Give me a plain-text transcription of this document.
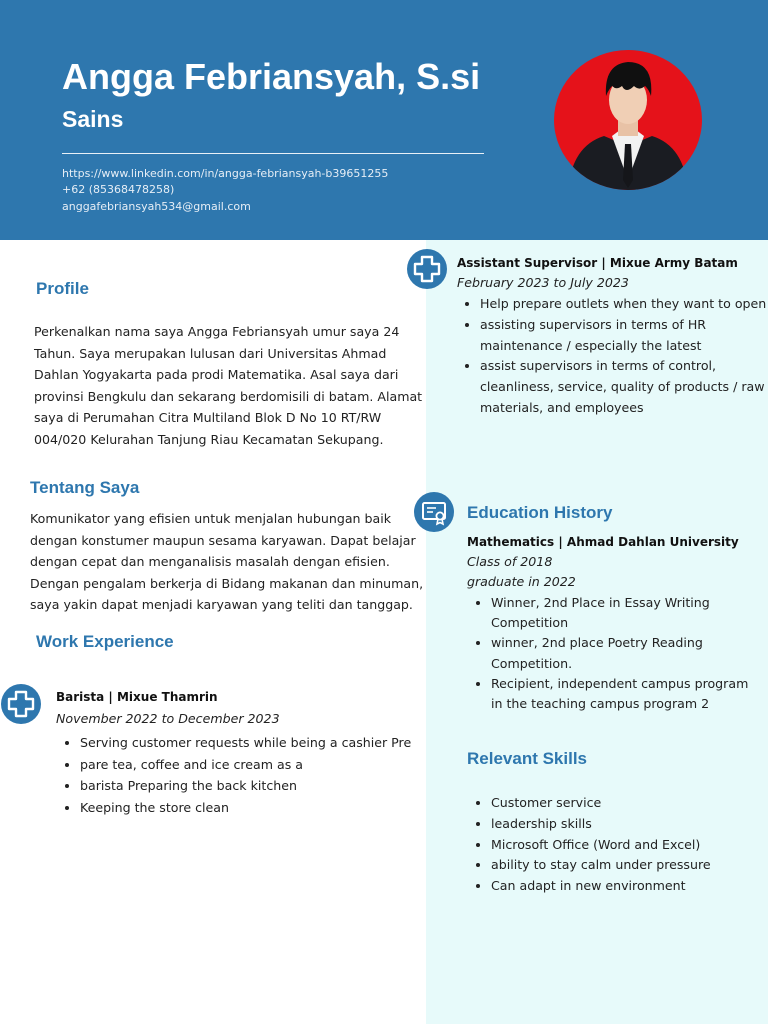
Angga Febriansyah, S.si
Sains
https://www.linkedin.com/in/angga-febriansyah-b39651255
+62 (85368478258)
anggafebriansyah534@gmail.com
Profile
Perkenalkan nama saya Angga Febriansyah umur saya 24
Tahun. Saya merupakan lulusan dari Universitas Ahmad
Dahlan Yogyakarta pada prodi Matematika. Asal saya dari
provinsi Bengkulu dan sekarang berdomisili di batam. Alamat
saya di Perumahan Citra Multiland Blok D No 10 RT/RW
004/020 Kelurahan Tanjung Riau Kecamatan Sekupang.
Tentang Saya
Komunikator yang efisien untuk menjalan hubungan baik
dengan konstumer maupun sesama karyawan. Dapat belajar
dengan cepat dan menganalisis masalah dengan efisien.
Dengan pengalam berkerja di Bidang makanan dan minuman,
saya yakin dapat menjadi karyawan yang teliti dan tanggap.
Work Experience
Barista | Mixue Thamrin
November 2022 to December 2023
• Serving customer requests while being a cashier Pre
• pare tea, coffee and ice cream as a
• barista Preparing the back kitchen
• Keeping the store clean
Assistant Supervisor | Mixue Army Batam
February 2023 to July 2023
• Help prepare outlets when they want to open
• assisting supervisors in terms of HR
maintenance / especially the latest
• assist supervisors in terms of control,
cleanliness, service, quality of products / raw
materials, and employees
Education History
Mathematics | Ahmad Dahlan University
Class of 2018
graduate in 2022
• Winner, 2nd Place in Essay Writing
Competition
• winner, 2nd place Poetry Reading
Competition.
• Recipient, independent campus program
in the teaching campus program 2
Relevant Skills
• Customer service
• leadership skills
• Microsoft Office (Word and Excel)
• ability to stay calm under pressure
• Can adapt in new environment
